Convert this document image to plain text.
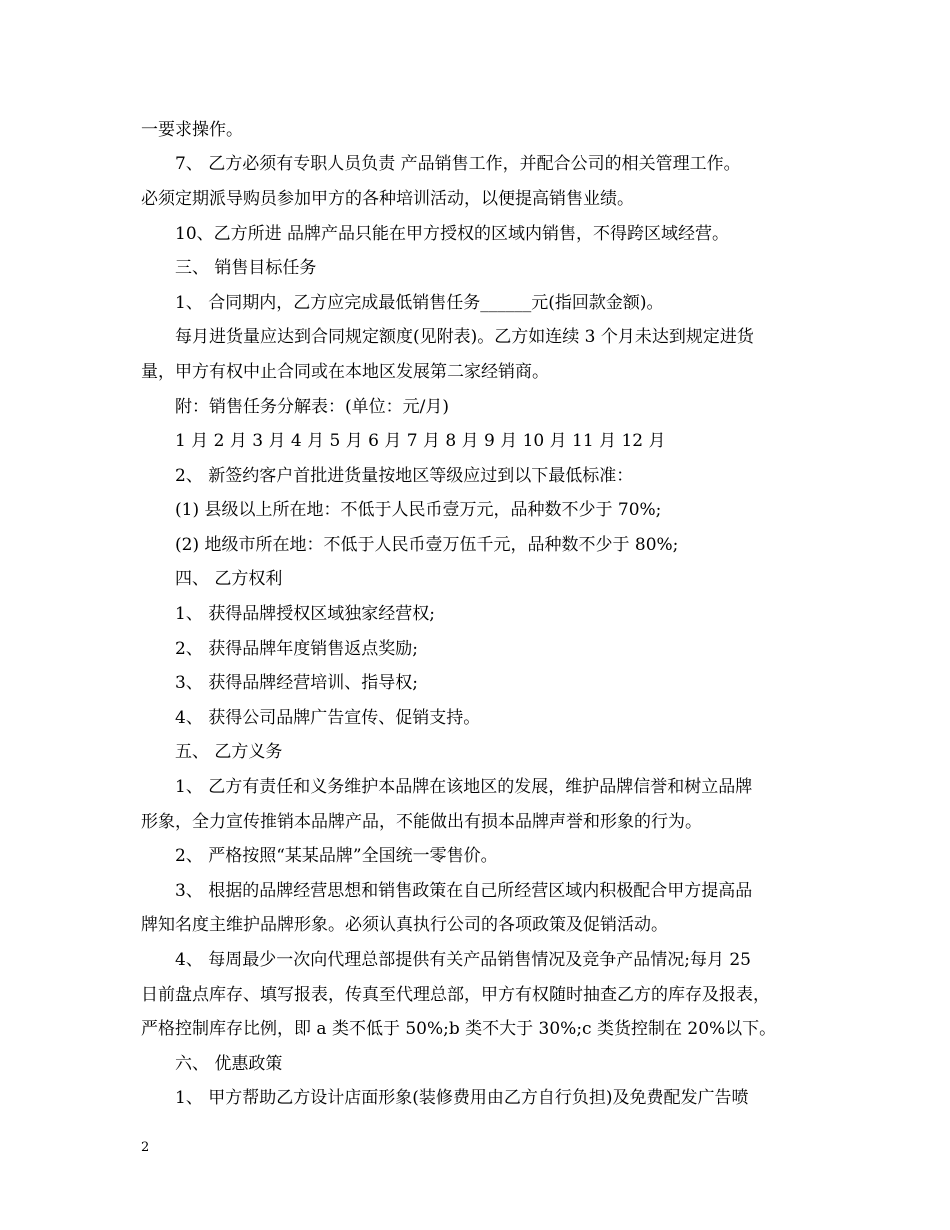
一要求操作。
7、 乙方必须有专职人员负责 产品销售工作，并配合公司的相关管理工作。
必须定期派导购员参加甲方的各种培训活动，以便提高销售业绩。
10、乙方所进 品牌产品只能在甲方授权的区域内销售，不得跨区域经营。
三、 销售目标任务
1、 合同期内，乙方应完成最低销售任务______元(指回款金额)。
每月进货量应达到合同规定额度(见附表)。乙方如连续 3 个月未达到规定进货
量，甲方有权中止合同或在本地区发展第二家经销商。
附：销售任务分解表：(单位：元/月)
1 月 2 月 3 月 4 月 5 月 6 月 7 月 8 月 9 月 10 月 11 月 12 月
2、 新签约客户首批进货量按地区等级应过到以下最低标准：
(1) 县级以上所在地：不低于人民币壹万元，品种数不少于 70%;
(2) 地级市所在地：不低于人民币壹万伍千元，品种数不少于 80%;
四、 乙方权利
1、 获得品牌授权区域独家经营权;
2、 获得品牌年度销售返点奖励;
3、 获得品牌经营培训、指导权;
4、 获得公司品牌广告宣传、促销支持。
五、 乙方义务
1、 乙方有责任和义务维护本品牌在该地区的发展，维护品牌信誉和树立品牌
形象，全力宣传推销本品牌产品，不能做出有损本品牌声誉和形象的行为。
2、 严格按照“某某品牌”全国统一零售价。
3、 根据的品牌经营思想和销售政策在自己所经营区域内积极配合甲方提高品
牌知名度主维护品牌形象。必须认真执行公司的各项政策及促销活动。
4、 每周最少一次向代理总部提供有关产品销售情况及竞争产品情况;每月 25
日前盘点库存、填写报表，传真至代理总部，甲方有权随时抽查乙方的库存及报表，
严格控制库存比例，即 a 类不低于 50%;b 类不大于 30%;c 类货控制在 20%以下。
六、 优惠政策
1、 甲方帮助乙方设计店面形象(装修费用由乙方自行负担)及免费配发广告喷
2
